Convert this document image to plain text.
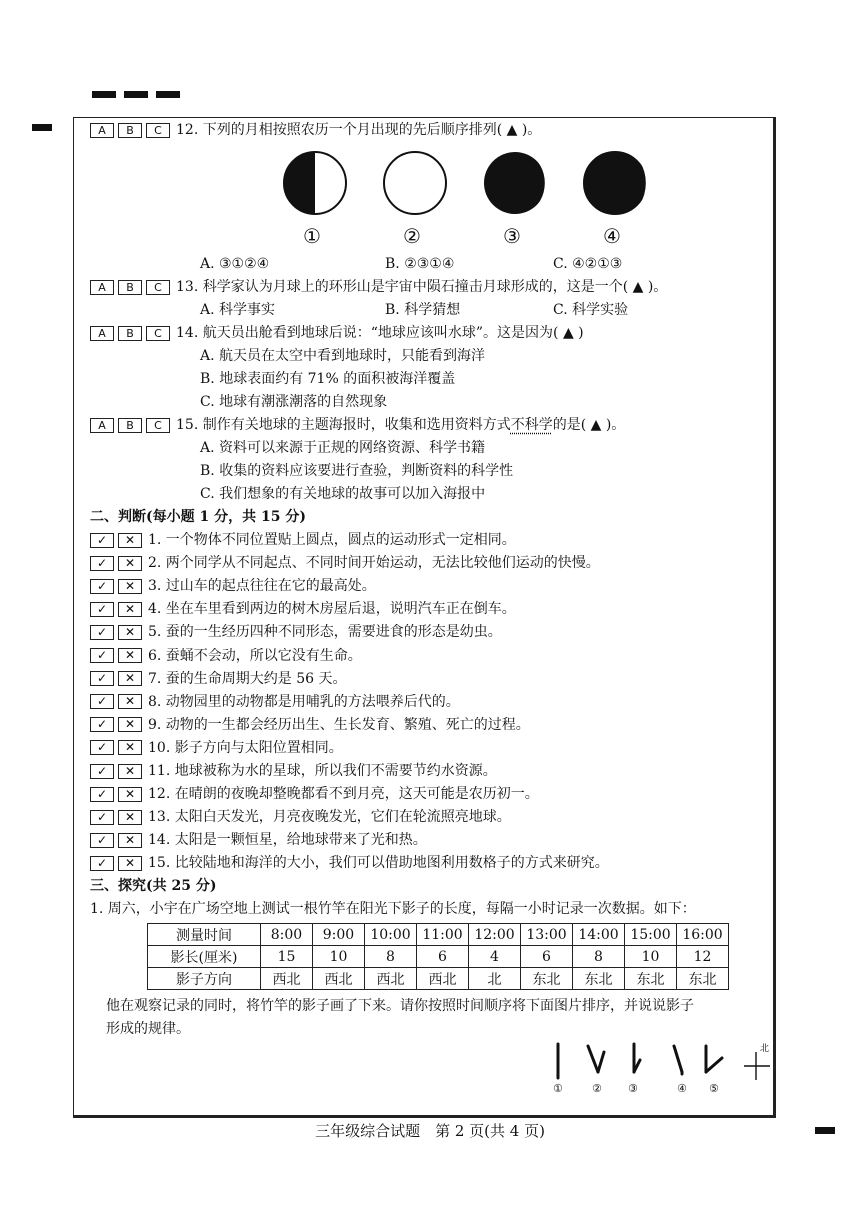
A B C 12. 下列的月相按照农历一个月出现的先后顺序排列( ▲ )。
①	②	③	④
A. ③①②④	B. ②③①④	C. ④②①③
A B C 13. 科学家认为月球上的环形山是宇宙中陨石撞击月球形成的，这是一个( ▲ )。
A. 科学事实	B. 科学猜想	C. 科学实验
A B C 14. 航天员出舱看到地球后说：“地球应该叫水球”。这是因为( ▲ )
A. 航天员在太空中看到地球时，只能看到海洋
B. 地球表面约有 71% 的面积被海洋覆盖
C. 地球有潮涨潮落的自然现象
A B C 15. 制作有关地球的主题海报时，收集和选用资料方式不科学的是( ▲ )。
A. 资料可以来源于正规的网络资源、科学书籍
B. 收集的资料应该要进行查验，判断资料的科学性
C. 我们想象的有关地球的故事可以加入海报中
二、判断(每小题 1 分，共 15 分)
✓ ✕ 1. 一个物体不同位置贴上圆点，圆点的运动形式一定相同。
✓ ✕ 2. 两个同学从不同起点、不同时间开始运动，无法比较他们运动的快慢。
✓ ✕ 3. 过山车的起点往往在它的最高处。
✓ ✕ 4. 坐在车里看到两边的树木房屋后退，说明汽车正在倒车。
✓ ✕ 5. 蚕的一生经历四种不同形态，需要进食的形态是幼虫。
✓ ✕ 6. 蚕蛹不会动，所以它没有生命。
✓ ✕ 7. 蚕的生命周期大约是 56 天。
✓ ✕ 8. 动物园里的动物都是用哺乳的方法喂养后代的。
✓ ✕ 9. 动物的一生都会经历出生、生长发育、繁殖、死亡的过程。
✓ ✕ 10. 影子方向与太阳位置相同。
✓ ✕ 11. 地球被称为水的星球，所以我们不需要节约水资源。
✓ ✕ 12. 在晴朗的夜晚却整晚都看不到月亮，这天可能是农历初一。
✓ ✕ 13. 太阳白天发光，月亮夜晚发光，它们在轮流照亮地球。
✓ ✕ 14. 太阳是一颗恒星，给地球带来了光和热。
✓ ✕ 15. 比较陆地和海洋的大小，我们可以借助地图利用数格子的方式来研究。
三、探究(共 25 分)
1. 周六，小宇在广场空地上测试一根竹竿在阳光下影子的长度，每隔一小时记录一次数据。如下：
测量时间	8:00	9:00	10:00	11:00	12:00	13:00	14:00	15:00	16:00
影长(厘米)	15	10	8	6	4	6	8	10	12
影子方向	西北	西北	西北	西北	北	东北	东北	东北	东北
他在观察记录的同时，将竹竿的影子画了下来。请你按照时间顺序将下面图片排序，并说说影子
形成的规律。
北
①	② ③	④ ⑤
三年级综合试题　第 2 页(共 4 页)
